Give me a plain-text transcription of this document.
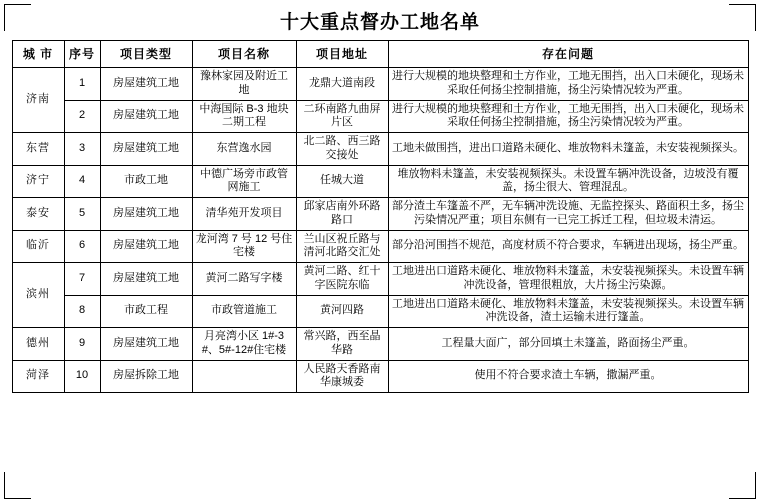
十大重点督办工地名单
城 市	序号	项目类型	项目名称	项目地址	存在问题
济南	1	房屋建筑工地	豫林家园及附近工地	龙鼎大道南段	进行大规模的地块整理和土方作业，工地无围挡，出入口未硬化，现场未采取任何扬尘控制措施，扬尘污染情况较为严重。
	2	房屋建筑工地	中海国际 B-3 地块二期工程	二环南路九曲屏片区	进行大规模的地块整理和土方作业，工地无围挡，出入口未硬化，现场未采取任何扬尘控制措施，扬尘污染情况较为严重。
东营	3	房屋建筑工地	东营逸水园	北二路、西三路交接处	工地未做围挡，进出口道路未硬化、堆放物料未篷盖，未安装视频探头。
济宁	4	市政工地	中德广场旁市政管网施工	任城大道	堆放物料未篷盖，未安装视频探头。未设置车辆冲洗设备，边坡没有覆盖，扬尘很大、管理混乱。
泰安	5	房屋建筑工地	清华苑开发项目	邱家店南外环路路口	部分渣土车篷盖不严，无车辆冲洗设施、无监控探头、路面积土多，扬尘污染情况严重；项目东侧有一已完工拆迁工程，但垃圾未清运。
临沂	6	房屋建筑工地	龙河湾 7 号 12 号住宅楼	兰山区祝丘路与清河北路交汇处	部分沿河围挡不规范，高度材质不符合要求，车辆进出现场，扬尘严重。
滨州	7	房屋建筑工地	黄河二路写字楼	黄河二路、红十字医院东临	工地进出口道路未硬化、堆放物料未篷盖，未安装视频探头。未设置车辆冲洗设备，管理很粗放，大片扬尘污染源。
	8	市政工程	市政管道施工	黄河四路	工地进出口道路未硬化、堆放物料未篷盖，未安装视频探头。未设置车辆冲洗设备，渣土运输未进行篷盖。
德州	9	房屋建筑工地	月亮湾小区 1#-3#、5#-12#住宅楼	常兴路，西至晶华路	工程量大面广，部分回填土未篷盖，路面扬尘严重。
菏泽	10	房屋拆除工地		人民路天香路南华康城委	使用不符合要求渣土车辆，撒漏严重。
